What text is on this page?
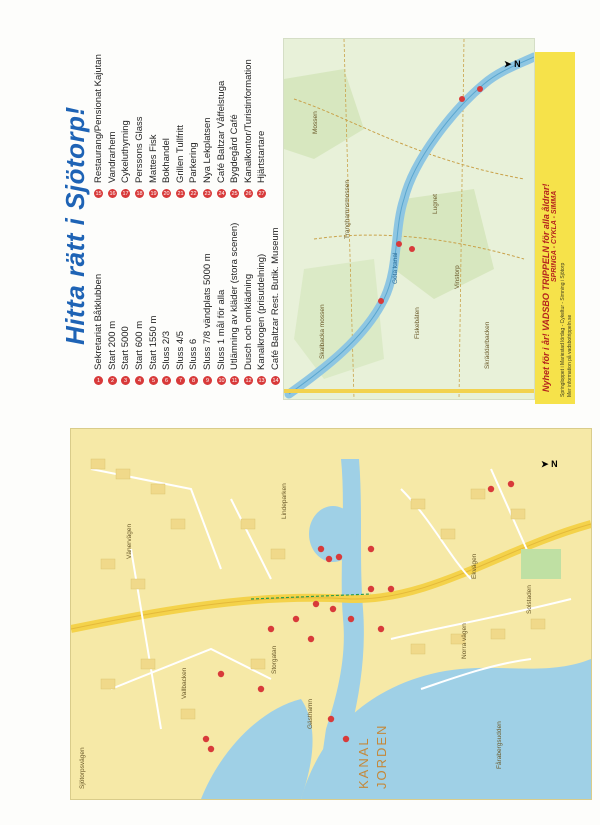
Hitta rätt i Sjötorp!
1
Sekretariat Båtklubben
2
Start 200 m
3
Start 5000
4
Start 600 m
5
Start 1550 m
6
Sluss 2/3
7
Sluss 4/5
8
Sluss 6
9
Sluss 7/8 vändplats 5000 m
10
Sluss 1 mål för alla
11
Utlämning av kläder (stora scenen)
12
Dusch och omklädning
13
Kanalkrogen (prisutdelning)
14
Café Baltzar Rest. Butik. Museum
15
Restaurang/Pensionat Kajutan
16
Vandrarhem
17
Cykeluthyrning
18
Perssons Glass
19
Mattes Fisk
20
Bokhandel
21
Grillen Tullfritt
22
Parkering
23
Nya Lekplatsen
24
Café Baltzar Våffelstuga
25
Bygdegård Café
26
Kanalkontor/Turistinformation
27
Hjärtstartare
Mossen
Skalbacka mossen
Lugnet
Vinstorp
Fiskebäten	Skräddarbacken
Tranghamnsmossen
Göta kanal
➤ N
Nyhet för i år! VADSBO TRIPPELN för alla åldrar! SPRINGA - CYKLA - SIMMA
Springloppet i Mariestad lördag - Cykeltur - Simning i Sjötorp Mer information på vadsbotrippeln.se
KANAL JORDEN
Lindeparken
Vallbacken
Storgatan
Vänervägen
Sjötorpsvägen
Gästhamn
Fårabergsudden
Norra vägen
Solstaden
Ekvägen
➤ N
